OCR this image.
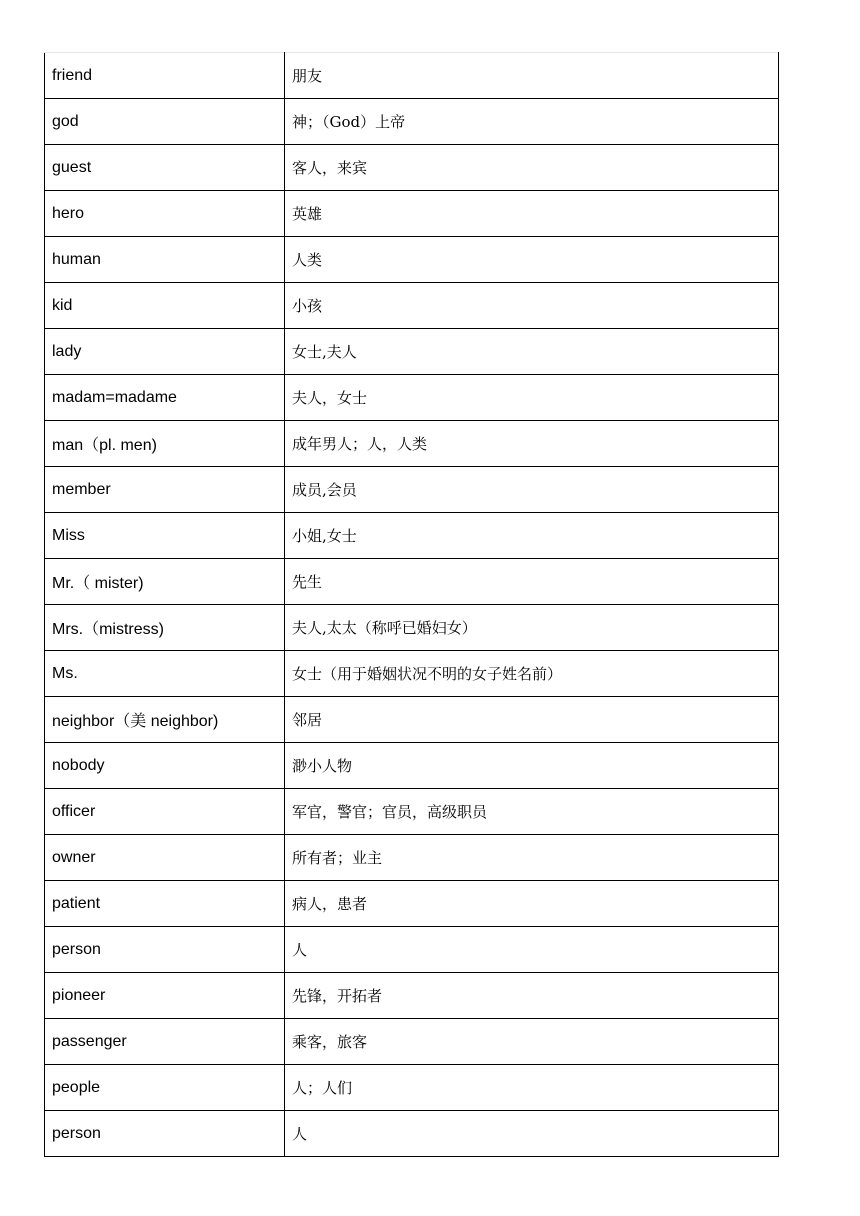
friend	朋友
god	神；（God）上帝
guest	客人，来宾
hero	英雄
human	人类
kid	小孩
lady	女士,夫人
madam=madame	夫人，女士
man（pl. men)	成年男人；人，人类
member	成员,会员
Miss	小姐,女士
Mr.（ mister)	先生
Mrs.（mistress)	夫人,太太（称呼已婚妇女）
Ms.	女士（用于婚姻状况不明的女子姓名前）
neighbor（美 neighbor)	邻居
nobody	渺小人物
officer	军官，警官；官员，高级职员
owner	所有者；业主
patient	病人，患者
person	人
pioneer	先锋，开拓者
passenger	乘客，旅客
people	人；人们
person	人
